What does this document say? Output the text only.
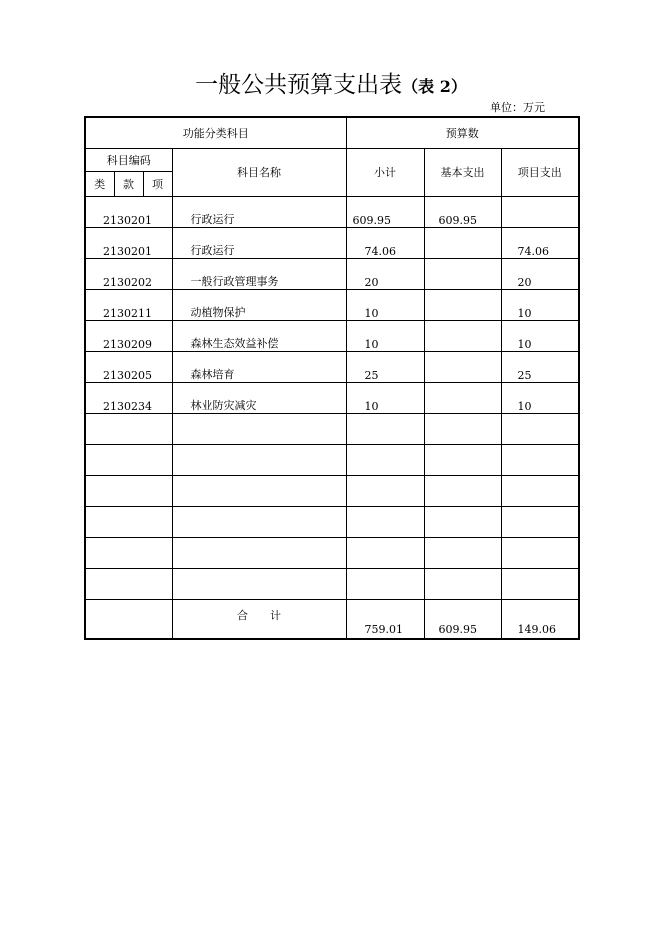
一般公共预算支出表（表 2）
单位：万元
功能分类科目				预算数		
科目编码			科目名称	小计	基本支出	项目支出
类	款	项				
2130201			行政运行	609.95	609.95	
2130201			行政运行	74.06		74.06
2130202			一般行政管理事务	20		20
2130211			动植物保护	10		10
2130209			森林生态效益补偿	10		10
2130205			森林培育	25		25
2130234			林业防灾减灾	10		10

			合　　计	759.01	609.95	149.06
